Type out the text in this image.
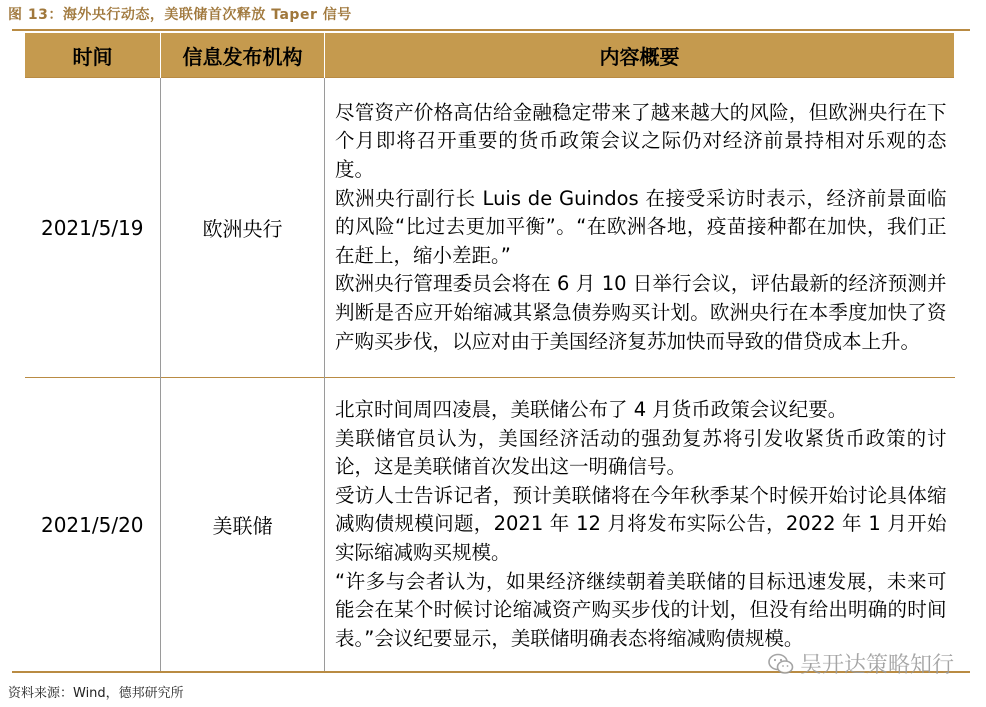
图 13：海外央行动态，美联储首次释放 Taper 信号
时间	信息发布机构	内容概要
2021/5/19	欧洲央行	尽管资产价格高估给金融稳定带来了越来越大的风险，但欧洲央行在下个月即将召开重要的货币政策会议之际仍对经济前景持相对乐观的态度。
欧洲央行副行长 Luis de Guindos 在接受采访时表示，经济前景面临的风险“比过去更加平衡”。“在欧洲各地，疫苗接种都在加快，我们正在赶上，缩小差距。”
欧洲央行管理委员会将在 6 月 10 日举行会议，评估最新的经济预测并判断是否应开始缩减其紧急债券购买计划。欧洲央行在本季度加快了资产购买步伐，以应对由于美国经济复苏加快而导致的借贷成本上升。

2021/5/20	美联储	北京时间周四凌晨，美联储公布了 4 月货币政策会议纪要。
美联储官员认为，美国经济活动的强劲复苏将引发收紧货币政策的讨论，这是美联储首次发出这一明确信号。
受访人士告诉记者，预计美联储将在今年秋季某个时候开始讨论具体缩减购债规模问题，2021 年 12 月将发布实际公告，2022 年 1 月开始实际缩减购买规模。
“许多与会者认为，如果经济继续朝着美联储的目标迅速发展，未来可能会在某个时候讨论缩减资产购买步伐的计划，但没有给出明确的时间表。”会议纪要显示，美联储明确表态将缩减购债规模。
资料来源：Wind，德邦研究所
吴开达策略知行
